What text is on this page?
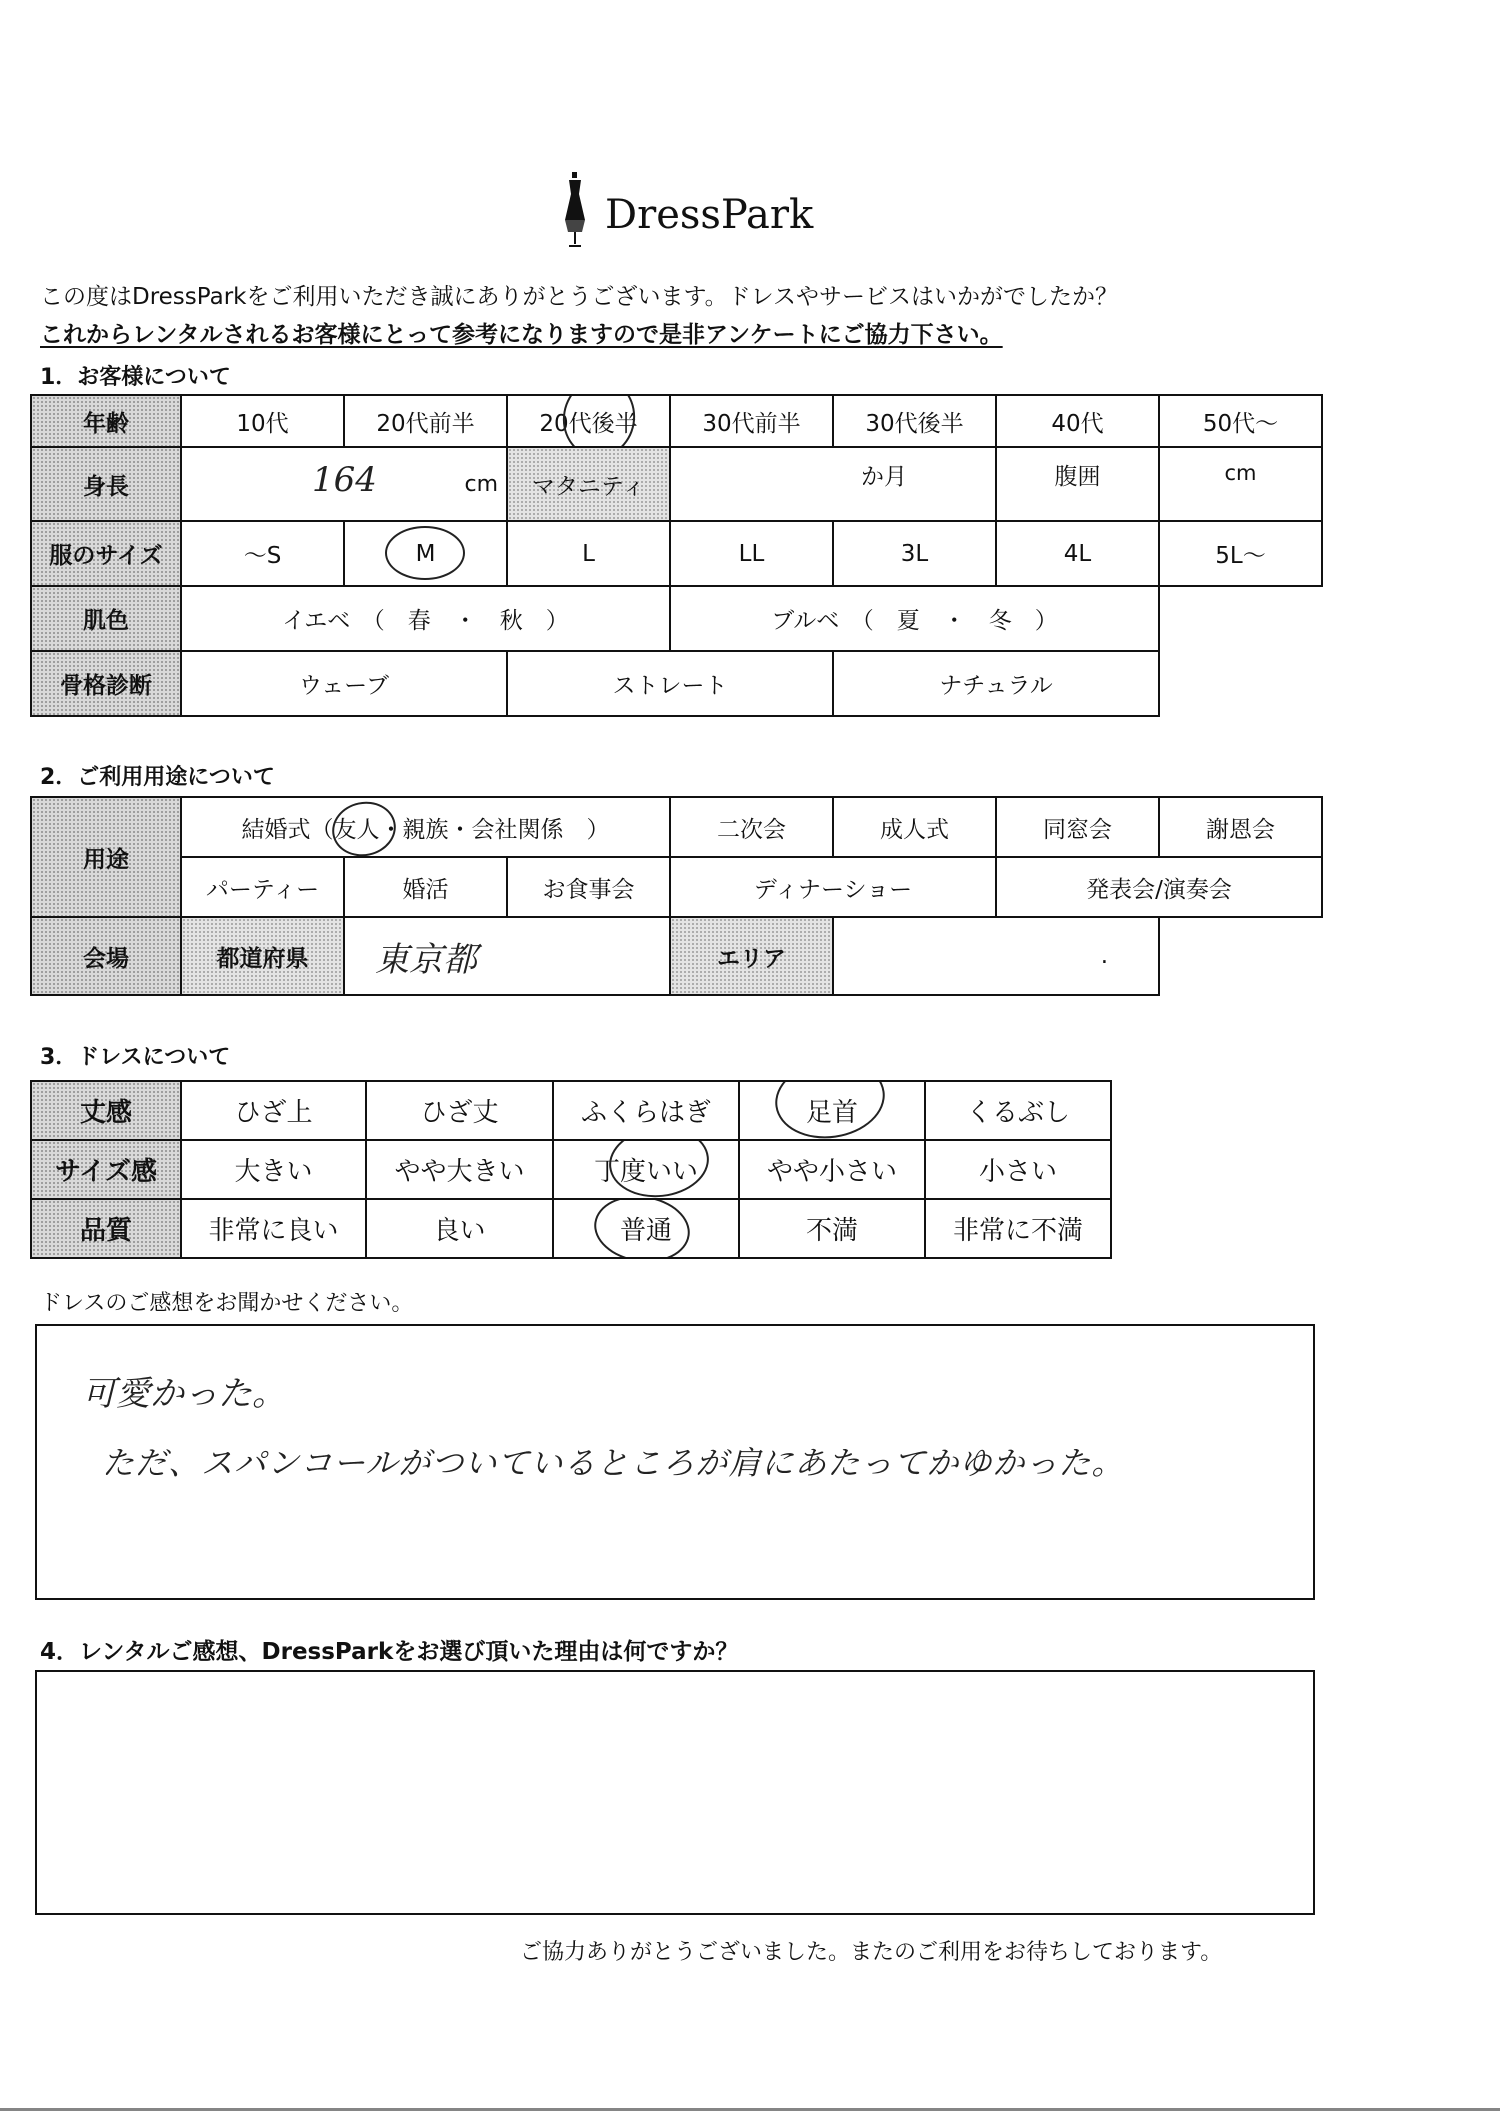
DressPark
この度はDressParkをご利用いただき誠にありがとうございます。ドレスやサービスはいかがでしたか？
これからレンタルされるお客様にとって参考になりますので是非アンケートにご協力下さい。
1．お客様について
年齢	10代	20代前半	20代後半	30代前半	30代後半	40代	50代～
身長	164 cm		マタニティ	か月		腹囲	cm
服のサイズ	～S	M	L	LL	3L	4L	5L～
肌色	イエベ　（　春　・　秋　）			ブルベ　（　夏　・　冬　）			
骨格診断	ウェーブ		ストレート		ナチュラル		
2．ご利用用途について
用途	結婚式（友人・親族・会社関係　）			二次会	成人式	同窓会	謝恩会
	パーティー	婚活	お食事会	ディナーショー		発表会/演奏会	
会場	都道府県	東京都		エリア	.		
3．ドレスについて
丈感	ひざ上	ひざ丈	ふくらはぎ	足首	くるぶし
サイズ感	大きい	やや大きい	丁度いい	やや小さい	小さい
品質	非常に良い	良い	普通	不満	非常に不満
ドレスのご感想をお聞かせください。
可愛かった。
ただ、スパンコールがついているところが肩にあたってかゆかった。
4．レンタルご感想、DressParkをお選び頂いた理由は何ですか？
ご協力ありがとうございました。またのご利用をお待ちしております。
